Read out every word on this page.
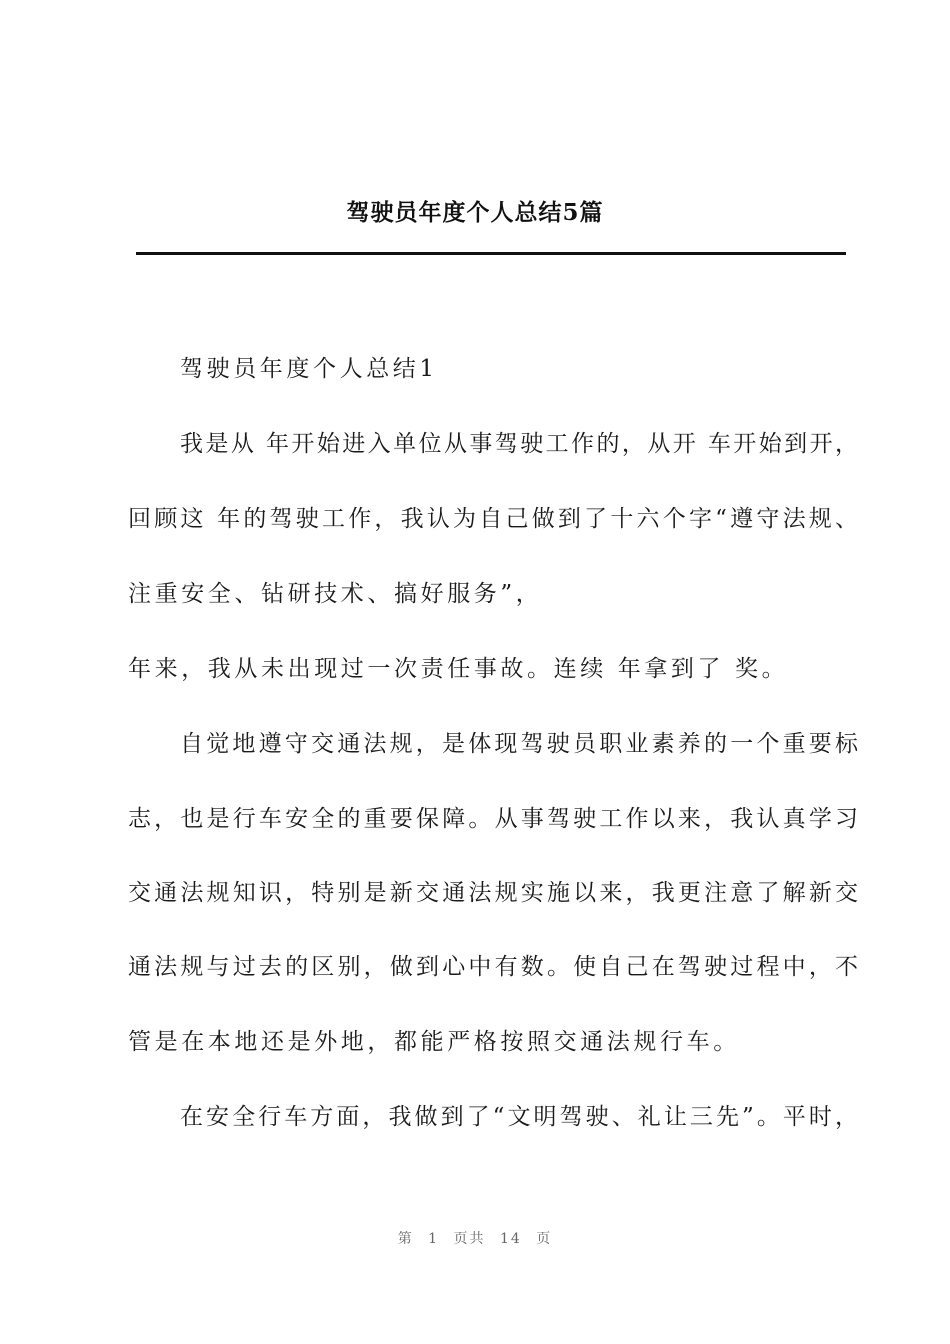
驾驶员年度个人总结5篇
驾驶员年度个人总结1
我是从 年开始进入单位从事驾驶工作的，从开 车开始到开，
回顾这 年的驾驶工作，我认为自己做到了十六个字“遵守法规、
注重安全、钻研技术、搞好服务”，
年来，我从未出现过一次责任事故。连续 年拿到了 奖。
自觉地遵守交通法规，是体现驾驶员职业素养的一个重要标
志，也是行车安全的重要保障。从事驾驶工作以来，我认真学习
交通法规知识，特别是新交通法规实施以来，我更注意了解新交
通法规与过去的区别，做到心中有数。使自己在驾驶过程中，不
管是在本地还是外地，都能严格按照交通法规行车。
在安全行车方面，我做到了“文明驾驶、礼让三先”。平时，
第 1 页共 14 页
